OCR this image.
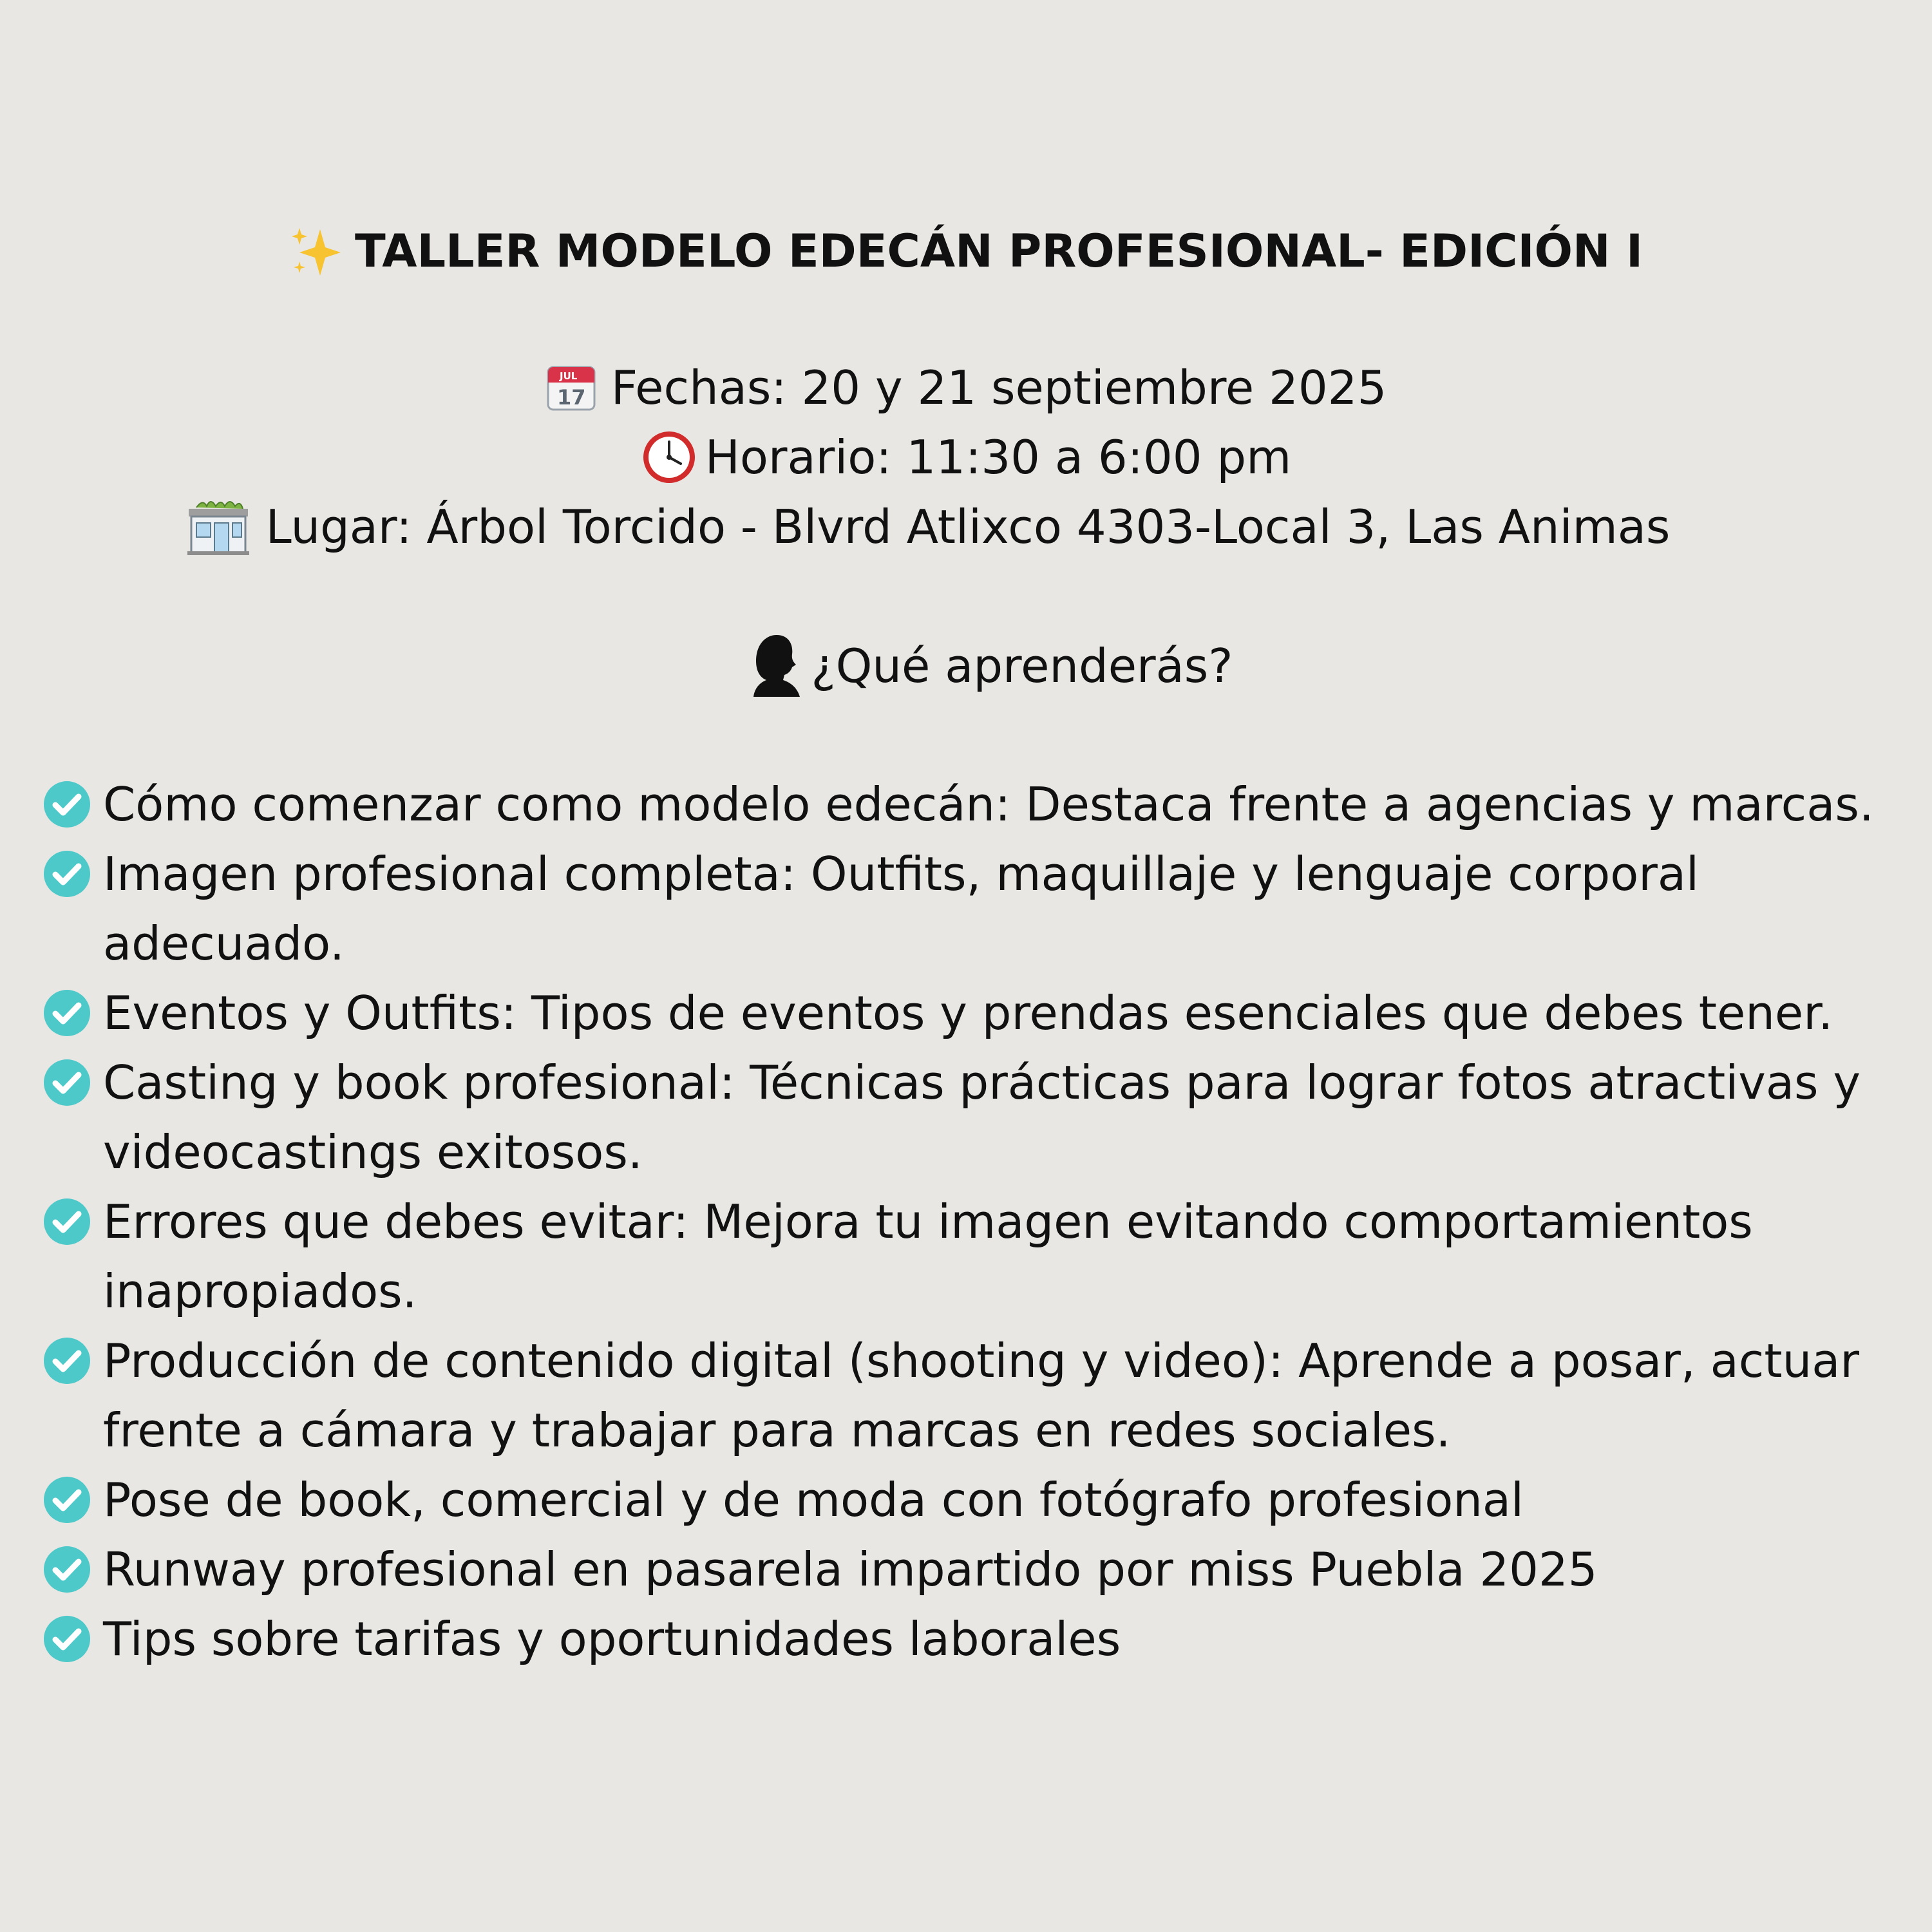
TALLER MODELO EDECÁN PROFESIONAL- EDICIÓN I
JUL
17 Fechas: 20 y 21 septiembre 2025
Horario: 11:30 a 6:00 pm
Lugar: Árbol Torcido - Blvrd Atlixco 4303-Local 3, Las Animas
¿Qué aprenderás?
Cómo comenzar como modelo edecán: Destaca frente a agencias y marcas.
Imagen profesional completa: Outfits, maquillaje y lenguaje corporal adecuado.
Eventos y Outfits: Tipos de eventos y prendas esenciales que debes tener.
Casting y book profesional: Técnicas prácticas para lograr fotos atractivas y videocastings exitosos.
Errores que debes evitar: Mejora tu imagen evitando comportamientos inapropiados.
Producción de contenido digital (shooting y video): Aprende a posar, actuar frente a cámara y trabajar para marcas en redes sociales.
Pose de book, comercial y de moda con fotógrafo profesional
Runway profesional en pasarela impartido por miss Puebla 2025
Tips sobre tarifas y oportunidades laborales
